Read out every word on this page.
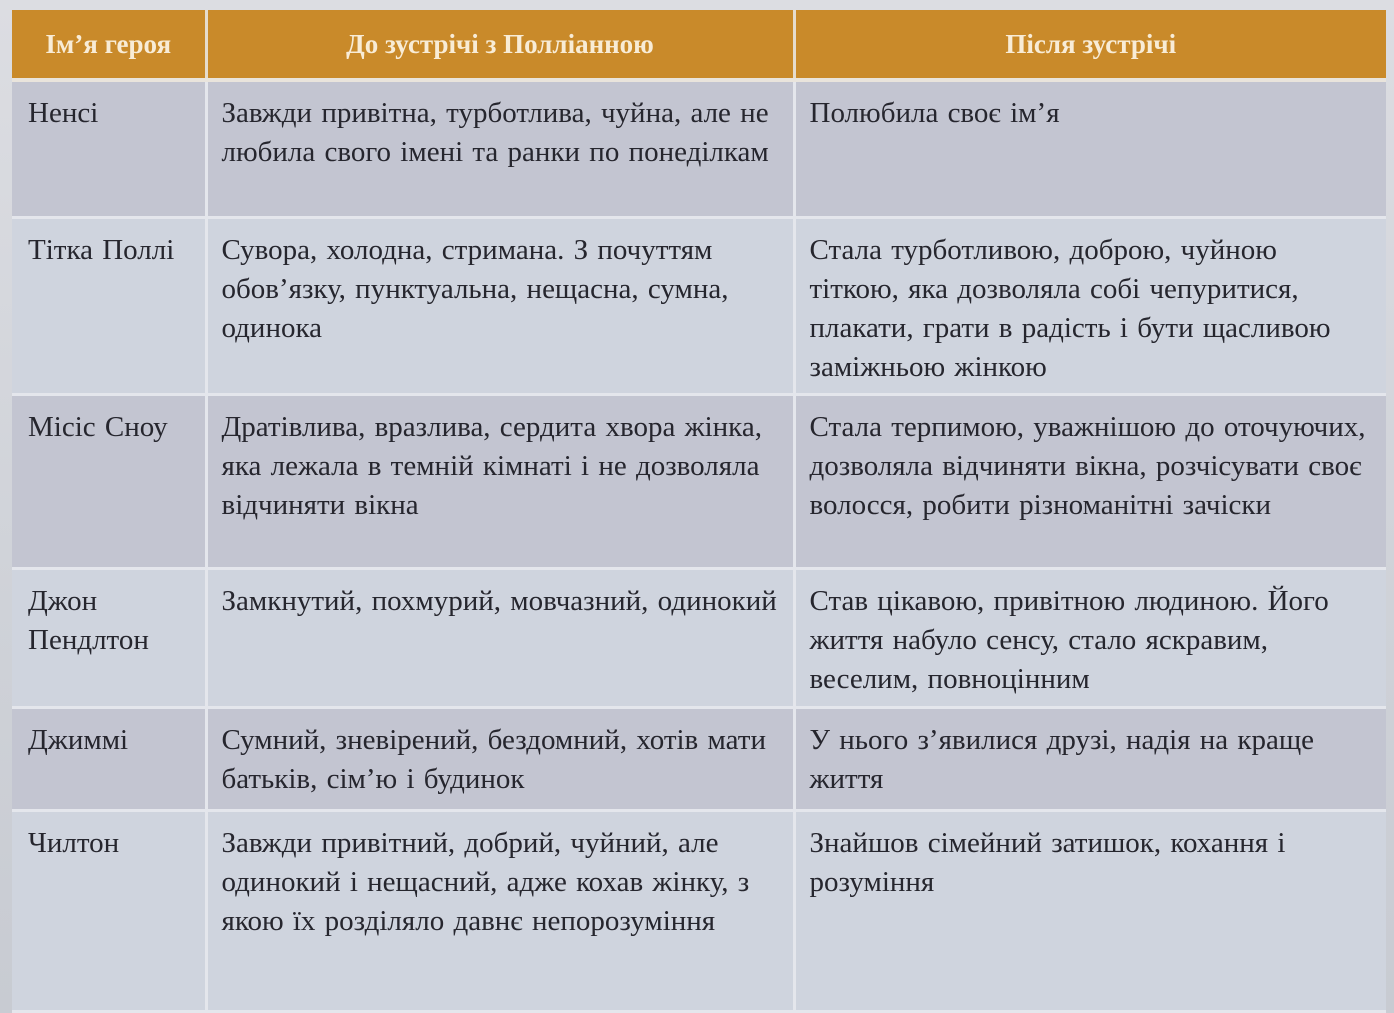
Ім’я героя	До зустрічі з Полліанною	Після зустрічі
Ненсі	Завжди привітна, турботлива, чуйна, але не любила свого імені та ранки по понеділкам	Полюбила своє ім’я
Тітка Поллі	Сувора, холодна, стримана. З почуттям обов’язку, пунктуальна, нещасна, сумна, одинока	Стала турботливою, доброю, чуйною тіткою, яка дозволяла собі чепуритися, плакати, грати в радість і бути щасливою заміжньою жінкою
Місіс Сноу	Дратівлива, вразлива, сердита хвора жінка, яка лежала в темній кімнаті і не дозволяла відчиняти вікна	Стала терпимою, уважнішою до оточуючих, дозволяла відчиняти вікна, розчісувати своє волосся, робити різноманітні зачіски
Джон Пендлтон	Замкнутий, похмурий, мовчазний, одинокий	Став цікавою, привітною людиною. Його життя набуло сенсу, стало яскравим, веселим, повноцінним
Джиммі	Сумний, зневірений, бездомний, хотів мати батьків, сім’ю і будинок	У нього з’явилися друзі, надія на краще життя
Чилтон	Завжди привітний, добрий, чуйний, але одинокий і нещасний, адже кохав жінку, з якою їх розділяло давнє непорозуміння	Знайшов сімейний затишок, кохання і розуміння
